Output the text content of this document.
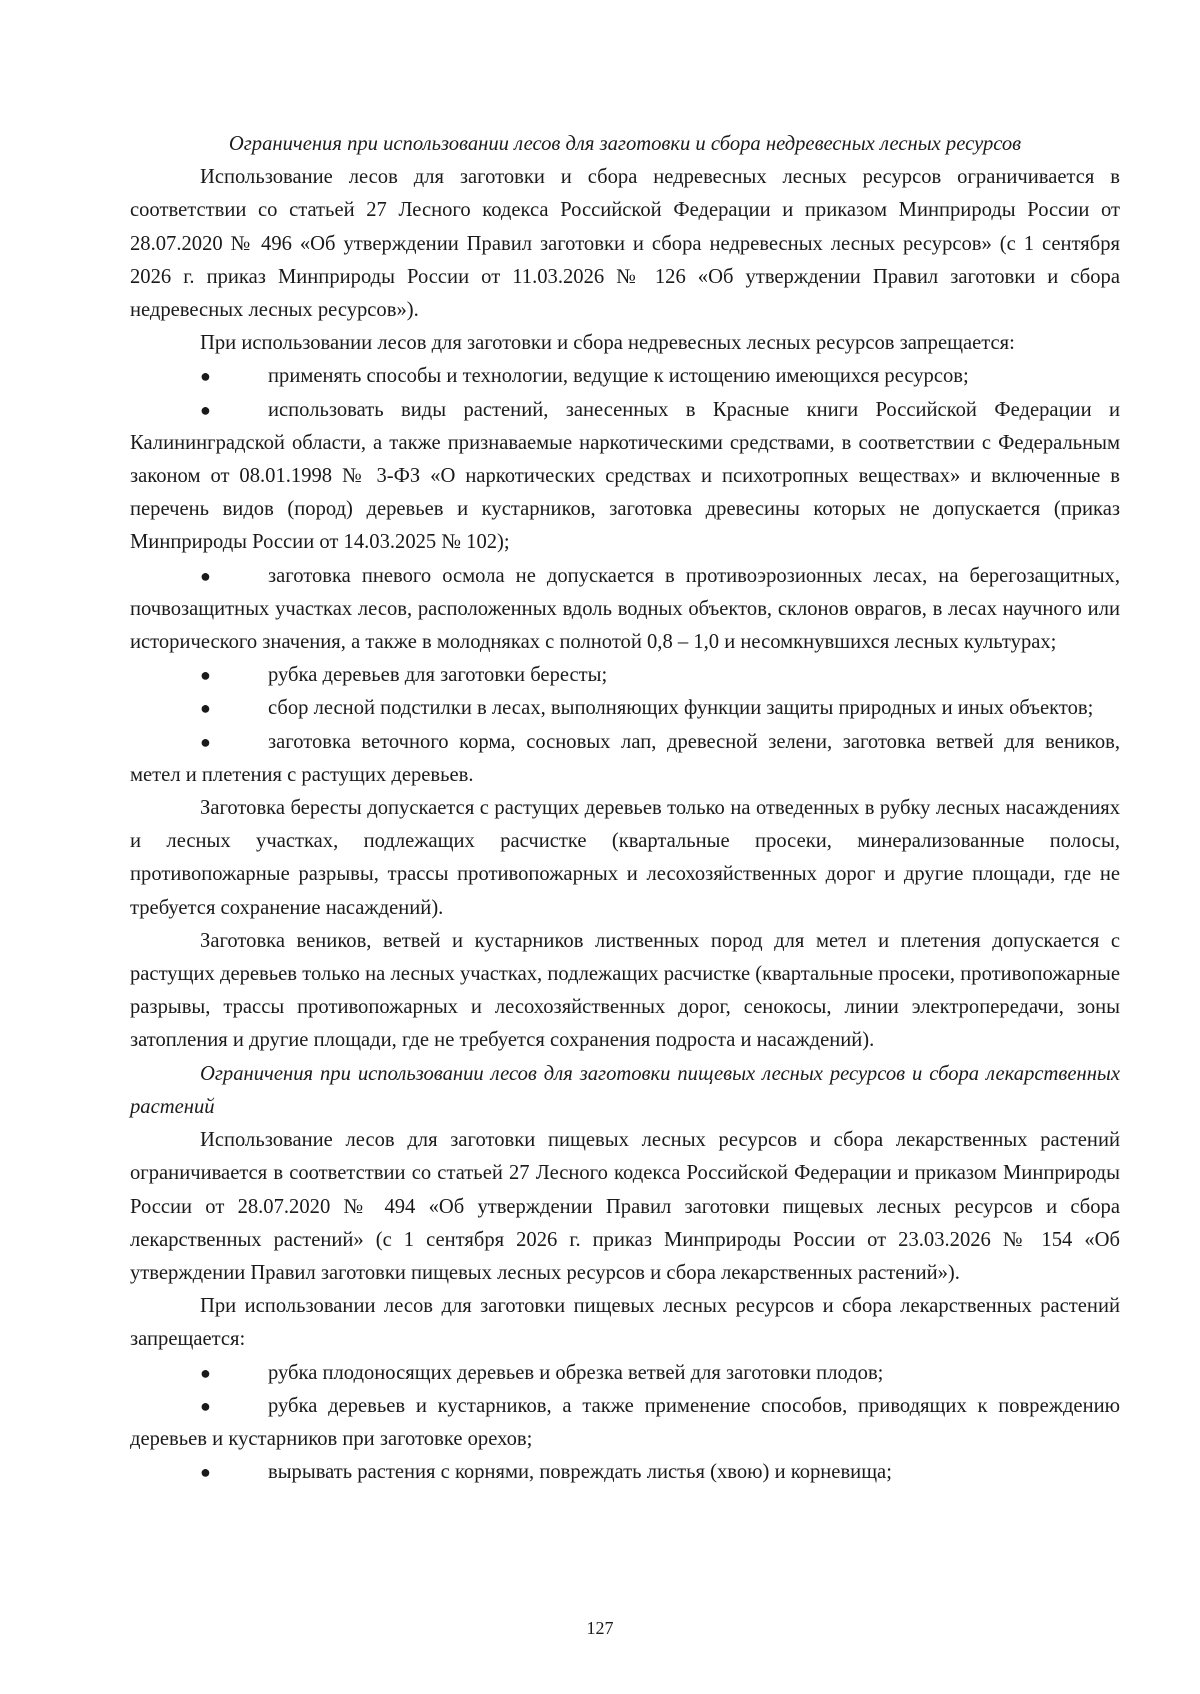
Ограничения при использовании лесов для заготовки и сбора недревесных лесных ресурсов

Использование лесов для заготовки и сбора недревесных лесных ресурсов ограничивается в соответствии со статьей 27 Лесного кодекса Российской Федерации и приказом Минприроды России от 28.07.2020 № 496 «Об утверждении Правил заготовки и сбора недревесных лесных ресурсов» (с 1 сентября 2026 г. приказ Минприроды России от 11.03.2026 № 126 «Об утверждении Правил заготовки и сбора недревесных лесных ресурсов»).

При использовании лесов для заготовки и сбора недревесных лесных ресурсов запрещается:

●	применять способы и технологии, ведущие к истощению имеющихся ресурсов;

●	использовать виды растений, занесенных в Красные книги Российской Федерации и Калининградской области, а также признаваемые наркотическими средствами, в соответствии с Федеральным законом от 08.01.1998 № 3-ФЗ «О наркотических средствах и психотропных веществах» и включенные в перечень видов (пород) деревьев и кустарников, заготовка древесины которых не допускается (приказ Минприроды России от 14.03.2025 № 102);

●	заготовка пневого осмола не допускается в противоэрозионных лесах, на берегозащитных, почвозащитных участках лесов, расположенных вдоль водных объектов, склонов оврагов, в лесах научного или исторического значения, а также в молодняках с полнотой 0,8 – 1,0 и несомкнувшихся лесных культурах;

●	рубка деревьев для заготовки бересты;

●	сбор лесной подстилки в лесах, выполняющих функции защиты природных и иных объектов;

●	заготовка веточного корма, сосновых лап, древесной зелени, заготовка ветвей для веников, метел и плетения с растущих деревьев.

Заготовка бересты допускается с растущих деревьев только на отведенных в рубку лесных насаждениях и лесных участках, подлежащих расчистке (квартальные просеки, минерализованные полосы, противопожарные разрывы, трассы противопожарных и лесохозяйственных дорог и другие площади, где не требуется сохранение насаждений).

Заготовка веников, ветвей и кустарников лиственных пород для метел и плетения допускается с растущих деревьев только на лесных участках, подлежащих расчистке (квартальные просеки, противопожарные разрывы, трассы противопожарных и лесохозяйственных дорог, сенокосы, линии электропередачи, зоны затопления и другие площади, где не требуется сохранения подроста и насаждений).

Ограничения при использовании лесов для заготовки пищевых лесных ресурсов и сбора лекарственных растений

Использование лесов для заготовки пищевых лесных ресурсов и сбора лекарственных растений ограничивается в соответствии со статьей 27 Лесного кодекса Российской Федерации и приказом Минприроды России от 28.07.2020 № 494 «Об утверждении Правил заготовки пищевых лесных ресурсов и сбора лекарственных растений» (с 1 сентября 2026 г. приказ Минприроды России от 23.03.2026 № 154 «Об утверждении Правил заготовки пищевых лесных ресурсов и сбора лекарственных растений»).

При использовании лесов для заготовки пищевых лесных ресурсов и сбора лекарственных растений запрещается:

●	рубка плодоносящих деревьев и обрезка ветвей для заготовки плодов;

●	рубка деревьев и кустарников, а также применение способов, приводящих к повреждению деревьев и кустарников при заготовке орехов;

●	вырывать растения с корнями, повреждать листья (хвою) и корневища;

127
